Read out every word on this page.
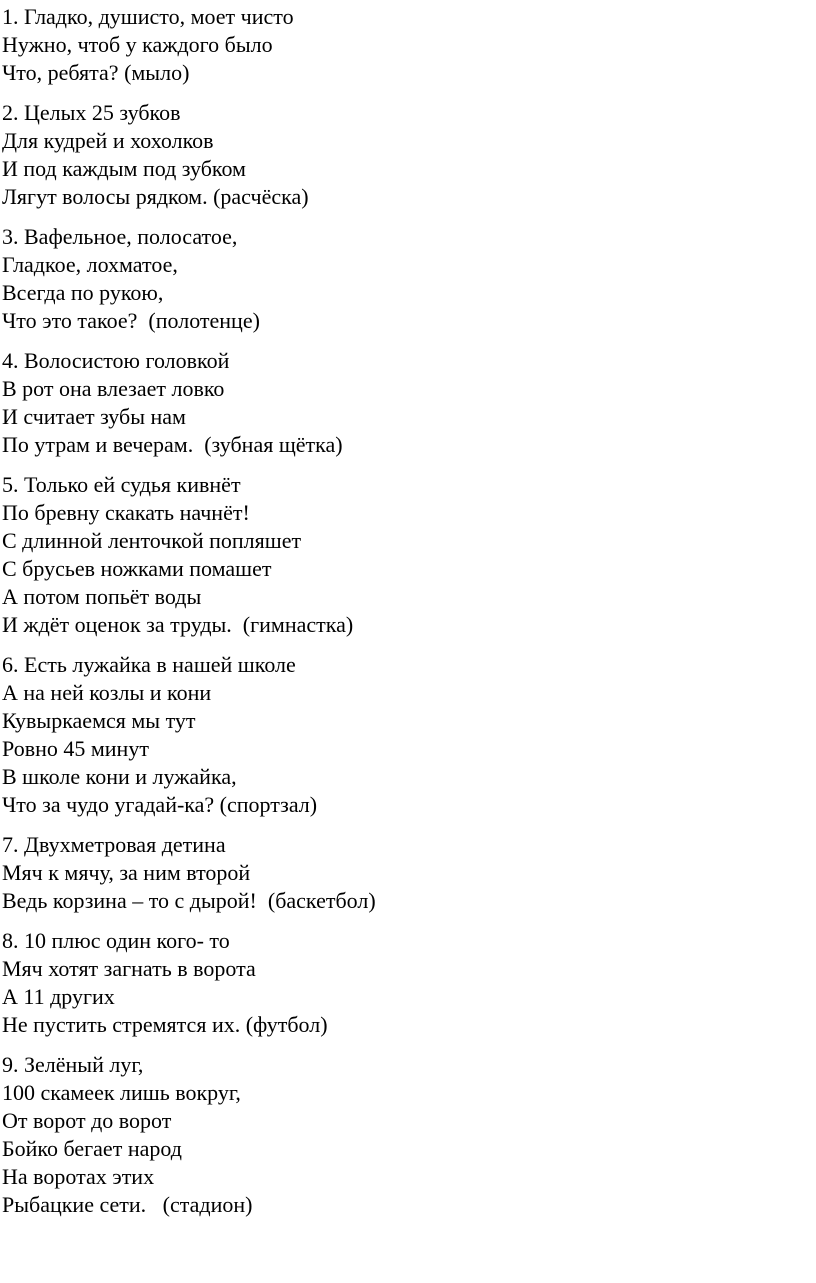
1. Гладко, душисто, моет чисто
Нужно, чтоб у каждого было
Что, ребята? (мыло)
2. Целых 25 зубков
Для кудрей и хохолков
И под каждым под зубком
Лягут волосы рядком. (расчёска)
3. Вафельное, полосатое,
Гладкое, лохматое,
Всегда по рукою,
Что это такое?  (полотенце)
4. Волосистою головкой
В рот она влезает ловко
И считает зубы нам
По утрам и вечерам.  (зубная щётка)
5. Только ей судья кивнёт
По бревну скакать начнёт!
С длинной ленточкой попляшет
С брусьев ножками помашет
А потом попьёт воды
И ждёт оценок за труды.  (гимнастка)
6. Есть лужайка в нашей школе
А на ней козлы и кони
Кувыркаемся мы тут
Ровно 45 минут
В школе кони и лужайка,
Что за чудо угадай-ка? (спортзал)
7. Двухметровая детина
Мяч к мячу, за ним второй
Ведь корзина – то с дырой!  (баскетбол)
8. 10 плюс один кого- то
Мяч хотят загнать в ворота
А 11 других
Не пустить стремятся их. (футбол)
9. Зелёный луг,
100 скамеек лишь вокруг,
От ворот до ворот
Бойко бегает народ
На воротах этих
Рыбацкие сети.   (стадион)
